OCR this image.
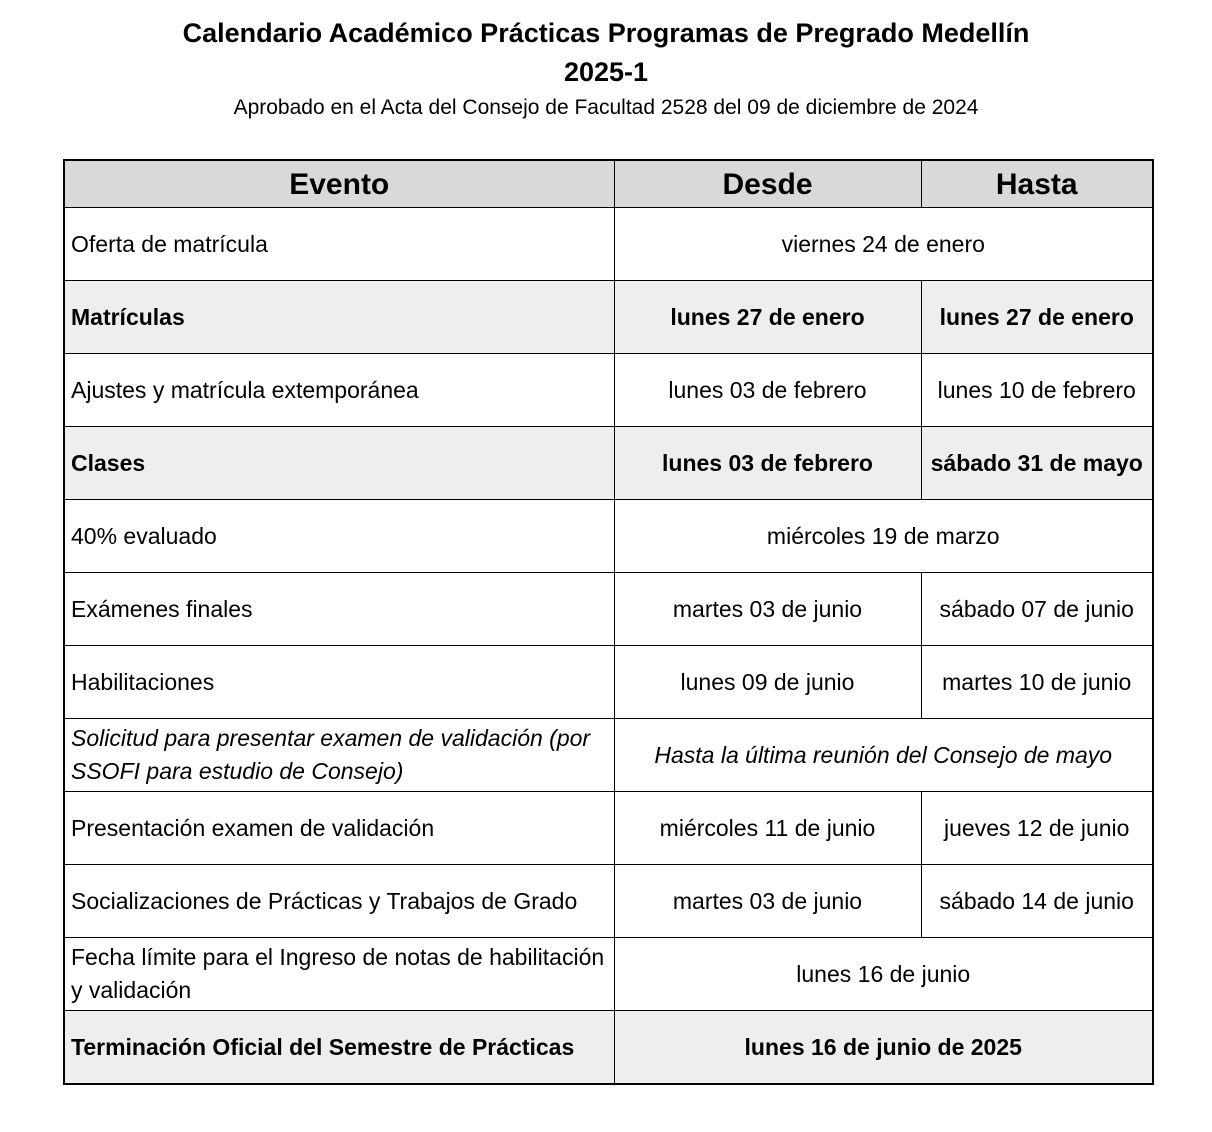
Calendario Académico Prácticas Programas de Pregrado Medellín
2025-1
Aprobado en el Acta del Consejo de Facultad 2528 del 09 de diciembre de 2024
Evento	Desde	Hasta
Oferta de matrícula	viernes 24 de enero	
Matrículas	lunes 27 de enero	lunes 27 de enero
Ajustes y matrícula extemporánea	lunes 03 de febrero	lunes 10 de febrero
Clases	lunes 03 de febrero	sábado 31 de mayo
40% evaluado	miércoles 19 de marzo	
Exámenes finales	martes 03 de junio	sábado 07 de junio
Habilitaciones	lunes 09 de junio	martes 10 de junio
Solicitud para presentar examen de validación (por SSOFI para estudio de Consejo)	Hasta la última reunión del Consejo de mayo	
Presentación examen de validación	miércoles 11 de junio	jueves 12 de junio
Socializaciones de Prácticas y Trabajos de Grado	martes 03 de junio	sábado 14 de junio
Fecha límite para el Ingreso de notas de habilitación y validación	lunes 16 de junio	
Terminación Oficial del Semestre de Prácticas	lunes 16 de junio de 2025	
